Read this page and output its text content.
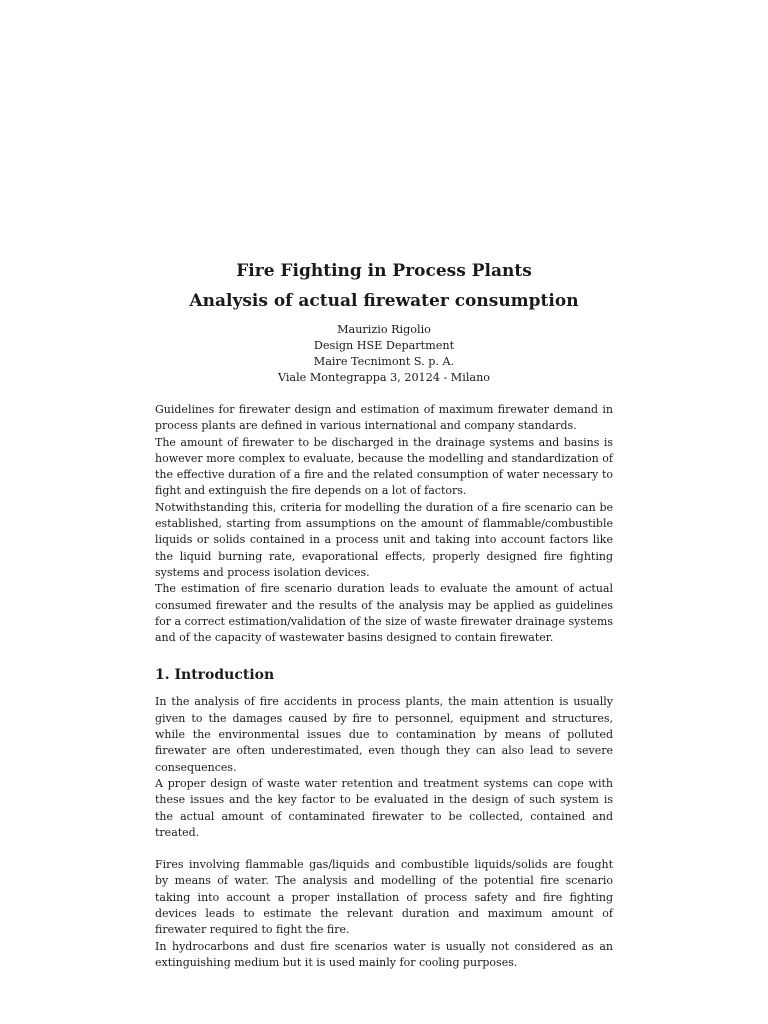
Fire Fighting in Process Plants
Analysis of actual firewater consumption
Maurizio Rigolio
Design HSE Department
Maire Tecnimont S. p. A.
Viale Montegrappa 3, 20124 - Milano

Guidelines for firewater design and estimation of maximum firewater demand in process plants are defined in various international and company standards.

The amount of firewater to be discharged in the drainage systems and basins is however more complex to evaluate, because the modelling and standardization of the effective duration of a fire and the related consumption of water necessary to fight and extinguish the fire depends on a lot of factors.

Notwithstanding this, criteria for modelling the duration of a fire scenario can be established, starting from assumptions on the amount of flammable/combustible liquids or solids contained in a process unit and taking into account factors like the liquid burning rate, evaporational effects, properly designed fire fighting systems and process isolation devices.

The estimation of fire scenario duration leads to evaluate the amount of actual consumed firewater and the results of the analysis may be applied as guidelines for a correct estimation/validation of the size of waste firewater drainage systems and of the capacity of wastewater basins designed to contain firewater.

1. Introduction

In the analysis of fire accidents in process plants, the main attention is usually given to the damages caused by fire to personnel, equipment and structures, while the environmental issues due to contamination by means of polluted firewater are often underestimated, even though they can also lead to severe consequences.

A proper design of waste water retention and treatment systems can cope with these issues and the key factor to be evaluated in the design of such system is the actual amount of contaminated firewater to be collected, contained and treated.

Fires involving flammable gas/liquids and combustible liquids/solids are fought by means of water. The analysis and modelling of the potential fire scenario taking into account a proper installation of process safety and fire fighting devices leads to estimate the relevant duration and maximum amount of firewater required to fight the fire.

In hydrocarbons and dust fire scenarios water is usually not considered as an extinguishing medium but it is used mainly for cooling purposes.
